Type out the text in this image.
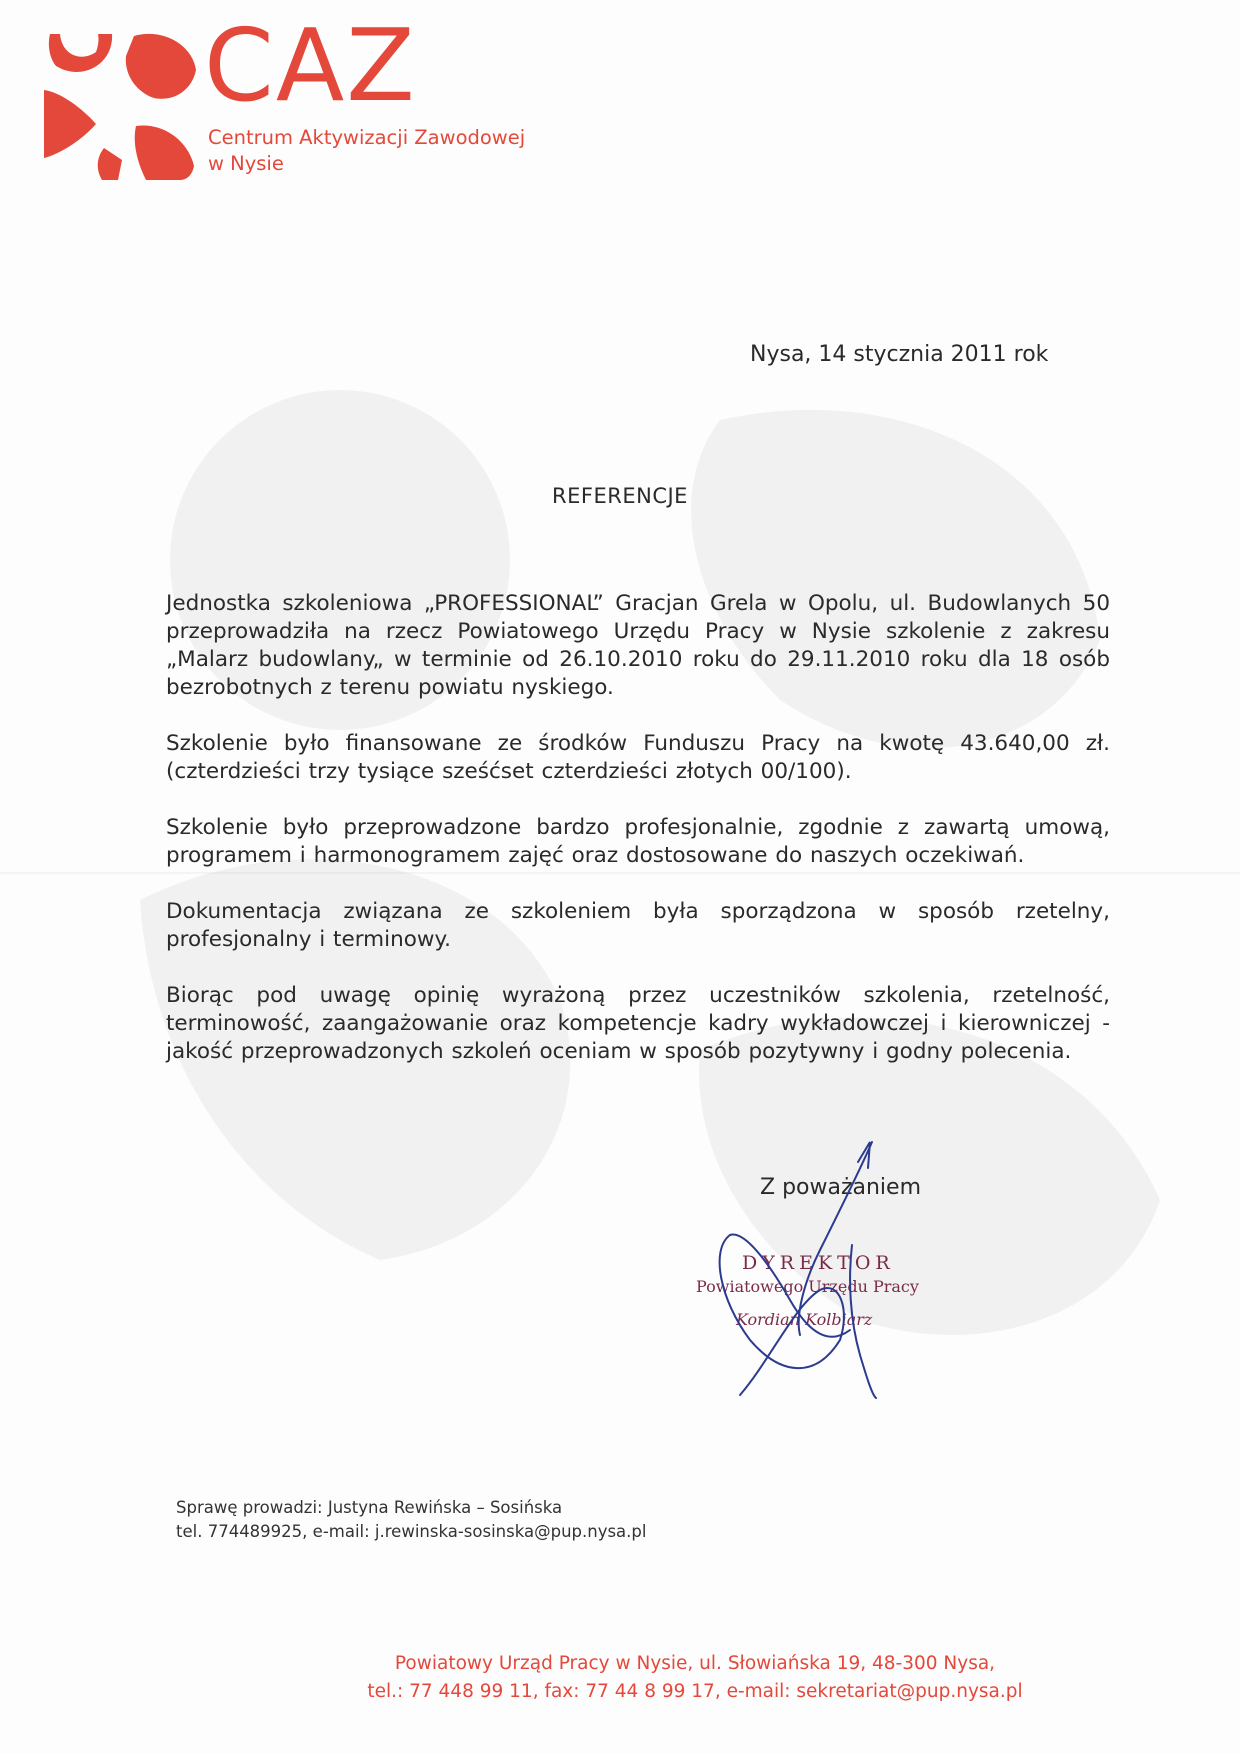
CAZ
Centrum Aktywizacji Zawodowej
w Nysie
Nysa, 14 stycznia 2011 rok
REFERENCJE

Jednostka szkoleniowa „PROFESSIONAL” Gracjan Grela w Opolu, ul. Budowlanych 50 przeprowadziła na rzecz Powiatowego Urzędu Pracy w Nysie szkolenie z zakresu „Malarz budowlany„ w terminie od 26.10.2010 roku do 29.11.2010 roku dla 18 osób bezrobotnych z terenu powiatu nyskiego.

Szkolenie było finansowane ze środków Funduszu Pracy na kwotę 43.640,00 zł. (czterdzieści trzy tysiące sześćset czterdzieści złotych 00/100).

Szkolenie było przeprowadzone bardzo profesjonalnie, zgodnie z zawartą umową, programem i harmonogramem zajęć oraz dostosowane do naszych oczekiwań.

Dokumentacja związana ze szkoleniem była sporządzona w sposób rzetelny, profesjonalny i terminowy.

Biorąc pod uwagę opinię wyrażoną przez uczestników szkolenia, rzetelność, terminowość, zaangażowanie oraz kompetencje kadry wykładowczej i kierowniczej - jakość przeprowadzonych szkoleń oceniam w sposób pozytywny i godny polecenia.

Z poważaniem
DYREKTOR
Powiatowego Urzędu Pracy
Kordian Kolbiarz
Sprawę prowadzi: Justyna Rewińska – Sosińska
tel. 774489925, e-mail: j.rewinska-sosinska@pup.nysa.pl
Powiatowy Urząd Pracy w Nysie, ul. Słowiańska 19, 48-300 Nysa,
tel.: 77 448 99 11, fax: 77 44 8 99 17, e-mail: sekretariat@pup.nysa.pl
